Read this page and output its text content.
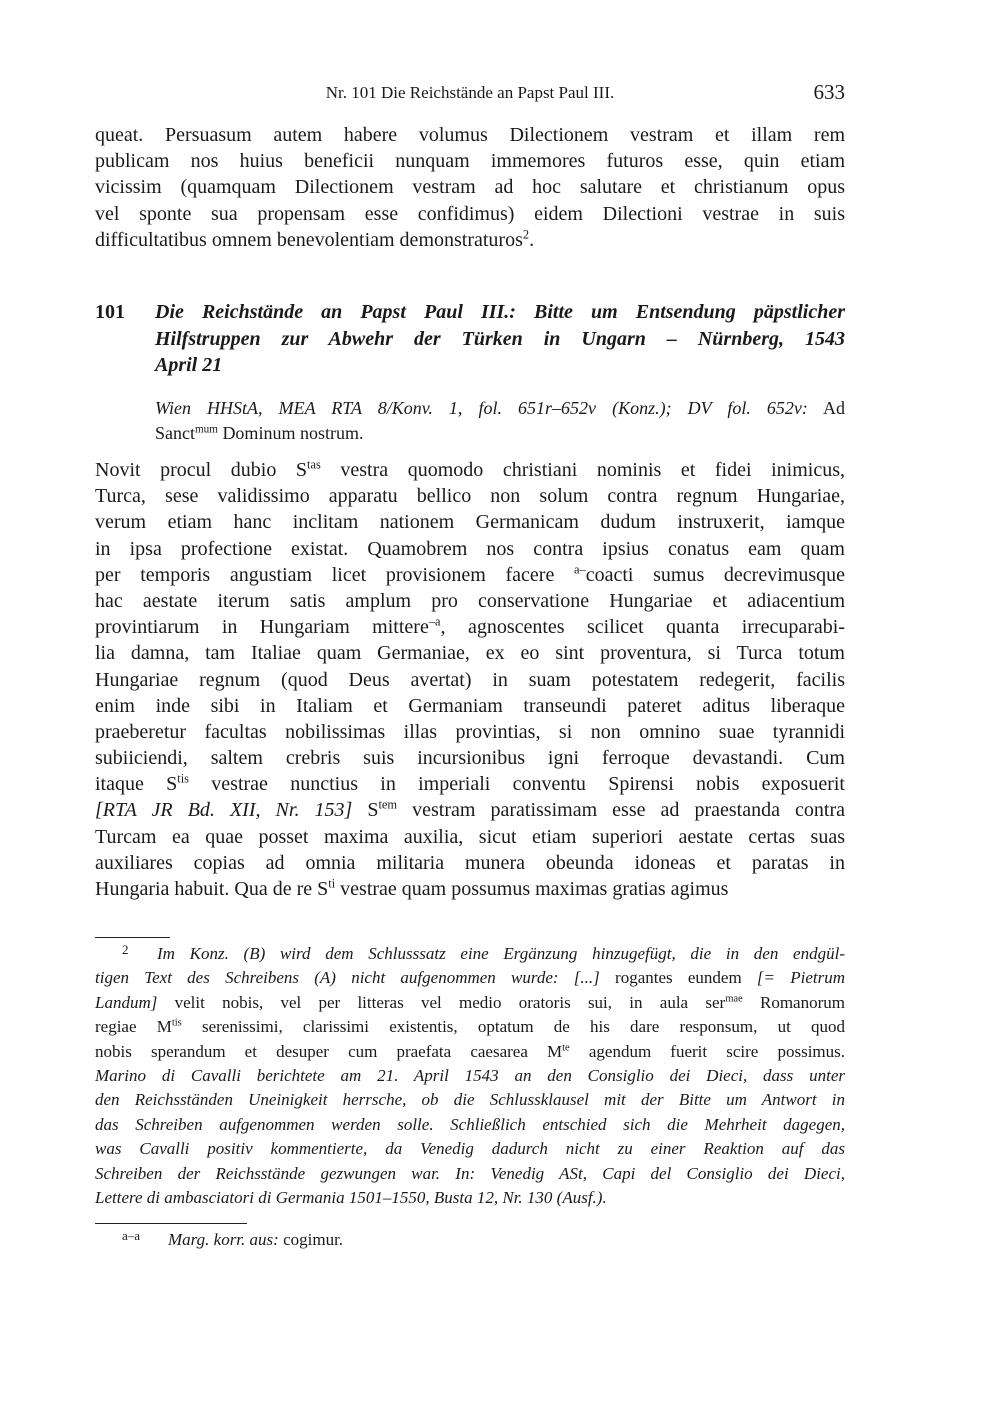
Nr. 101 Die Reichstände an Papst Paul III.	633
queat. Persuasum autem habere volumus Dilectionem vestram et illam rem
publicam nos huius beneficii nunquam immemores futuros esse, quin etiam
vicissim (quamquam Dilectionem vestram ad hoc salutare et christianum opus
vel sponte sua propensam esse confidimus) eidem Dilectioni vestrae in suis
difficultatibus omnem benevolentiam demonstraturos$^2$.
101 Die Reichstände an Papst Paul III.: Bitte um Entsendung päpstlicher
Hilfstruppen zur Abwehr der Türken in Ungarn – Nürnberg, 1543
April 21
Wien HHStA, MEA RTA 8/Konv. 1, fol. 651r–652v (Konz.); DV fol. 652v: Ad
Sanct$^{mum}$ Dominum nostrum.
Novit procul dubio $S^{tas}$ vestra quomodo christiani nominis et fidei inimicus,
Turca, sese validissimo apparatu bellico non solum contra regnum Hungariae,
verum etiam hanc inclitam nationem Germanicam dudum instruxerit, iamque
in ipsa profectione existat. Quamobrem nos contra ipsius conatus eam quam
per temporis angustiam licet provisionem facere $^{a-}$coacti sumus decrevimusque
hac aestate iterum satis amplum pro conservatione Hungariae et adiacentium
provintiarum in Hungariam mittere$^{-a}$, agnoscentes scilicet quanta irrecuparabi-
lia damna, tam Italiae quam Germaniae, ex eo sint proventura, si Turca totum
Hungariae regnum (quod Deus avertat) in suam potestatem redegerit, facilis
enim inde sibi in Italiam et Germaniam transeundi pateret aditus liberaque
praeberetur facultas nobilissimas illas provintias, si non omnino suae tyrannidi
subiiciendi, saltem crebris suis incursionibus igni ferroque devastandi. Cum
itaque $S^{tis}$ vestrae nunctius in imperiali conventu Spirensi nobis exposuerit
[RTA JR Bd. XII, Nr. 153] $S^{tem}$ vestram paratissimam esse ad praestanda contra
Turcam ea quae posset maxima auxilia, sicut etiam superiori aestate certas suas
auxiliares copias ad omnia militaria munera obeunda idoneas et paratas in
Hungaria habuit. Qua de re $S^{ti}$ vestrae quam possumus maximas gratias agimus
2	Im Konz. (B) wird dem Schlusssatz eine Ergänzung hinzugefügt, die in den endgül-
tigen Text des Schreibens (A) nicht aufgenommen wurde: [...] rogantes eundem [= Pietrum
Landum] velit nobis, vel per litteras vel medio oratoris sui, in aula ser$^{mae}$ Romanorum
regiae $M^{tis}$ serenissimi, clarissimi existentis, optatum de his dare responsum, ut quod
nobis sperandum et desuper cum praefata caesarea $M^{te}$ agendum fuerit scire possimus.
Marino di Cavalli berichtete am 21. April 1543 an den Consiglio dei Dieci, dass unter
den Reichsständen Uneinigkeit herrsche, ob die Schlussklausel mit der Bitte um Antwort in
das Schreiben aufgenommen werden solle. Schließlich entschied sich die Mehrheit dagegen,
was Cavalli positiv kommentierte, da Venedig dadurch nicht zu einer Reaktion auf das
Schreiben der Reichsstände gezwungen war. In: Venedig ASt, Capi del Consiglio dei Dieci,
Lettere di ambasciatori di Germania 1501–1550, Busta 12, Nr. 130 (Ausf.).
a–a	Marg. korr. aus: cogimur.
